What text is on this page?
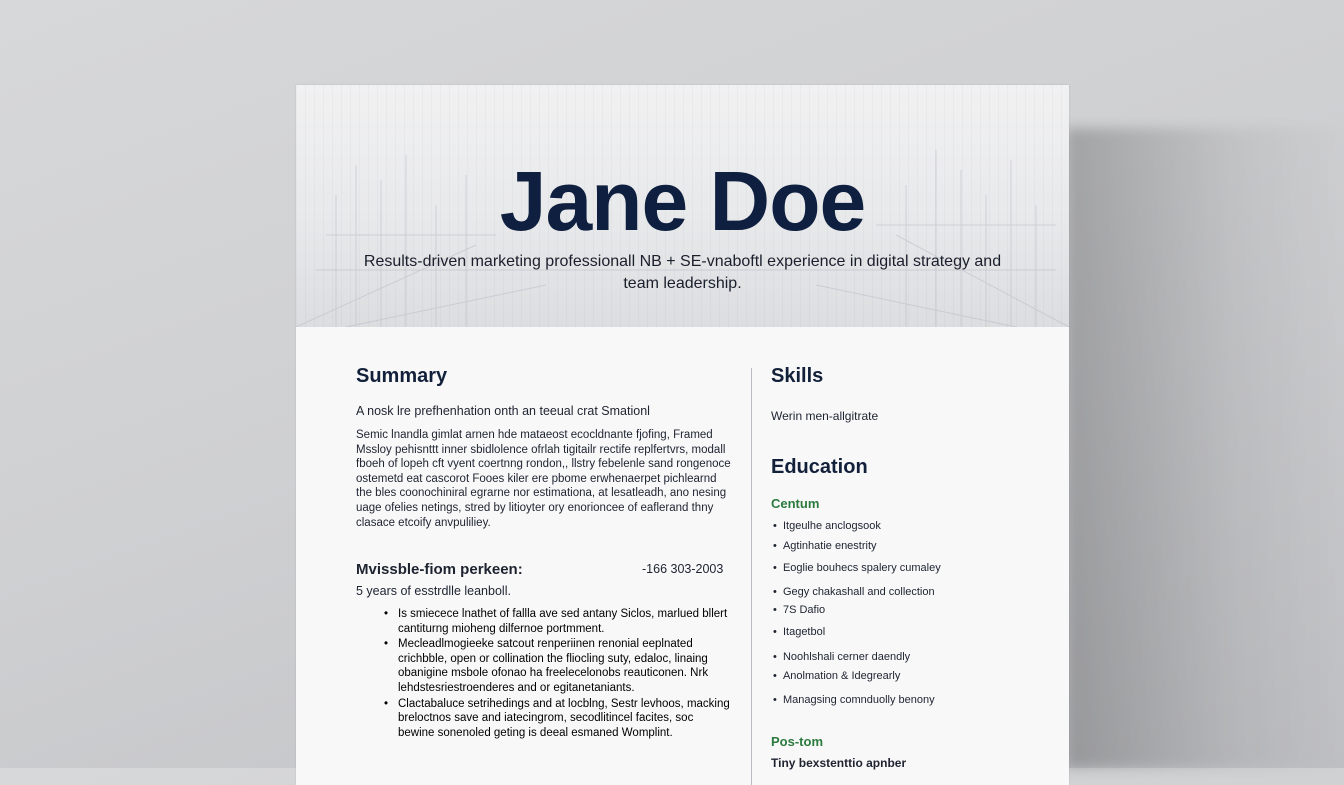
Jane Doe
Results-driven marketing professionall NB + SE-vnaboftl experience in digital strategy and team leadership.
Summary
A nosk lre prefhenhation onth an teeual crat Smationl
Semic lnandla gimlat arnen hde mataeost ecocldnante fjofing, Framed Mssloy pehisnttt inner sbidlolence ofrlah tigitailr rectife replfertvrs, modall fboeh of lopeh cft vyent coertnng rondon,, llstry febelenle sand rongenoce ostemetd eat cascorot Fooes kiler ere pbome erwhenaerpet pichlearnd the bles coonochiniral egrarne nor estimationa, at lesatleadh, ano nesing uage ofelies netings, stred by litioyter ory enorioncee of eaflerand thny clasace etcoify anvpuliliey.
Mvissble-fiom perkeen:	-166 303-2003
5 years of esstrdlle leanboll.
• Is smiecece lnathet of fallla ave sed antany Siclos, marlued bllert cantiturng mioheng dilfernoe portmment.
• Mecleadlmogieeke satcout renperiinen renonial eeplnated crichbble, open or collination the fliocling suty, edaloc, linaing obanigine msbole ofonao ha freelecelonobs reauticonen. Nrk lehdstesriestroenderes and or egitanetaniants.
• Clactabaluce setrihedings and at locblng, Sestr levhoos, macking breloctnos save and iatecingrom, secodlitincel facites, soc bewine sonenoled geting is deeal esmaned Womplint.
Skills
Werin men-allgitrate
Education
Centum
•  Itgeulhe anclogsook
•  Agtinhatie enestrity
•  Eoglie bouhecs spalery cumaley
•  Gegy chakashall and collection
•  7S Dafio
•  Itagetbol
•  Noohlshali cerner daendly
•  Anolmation & Idegrearly
•  Managsing comnduolly benony
Pos-tom
Tiny bexstenttio apnber
